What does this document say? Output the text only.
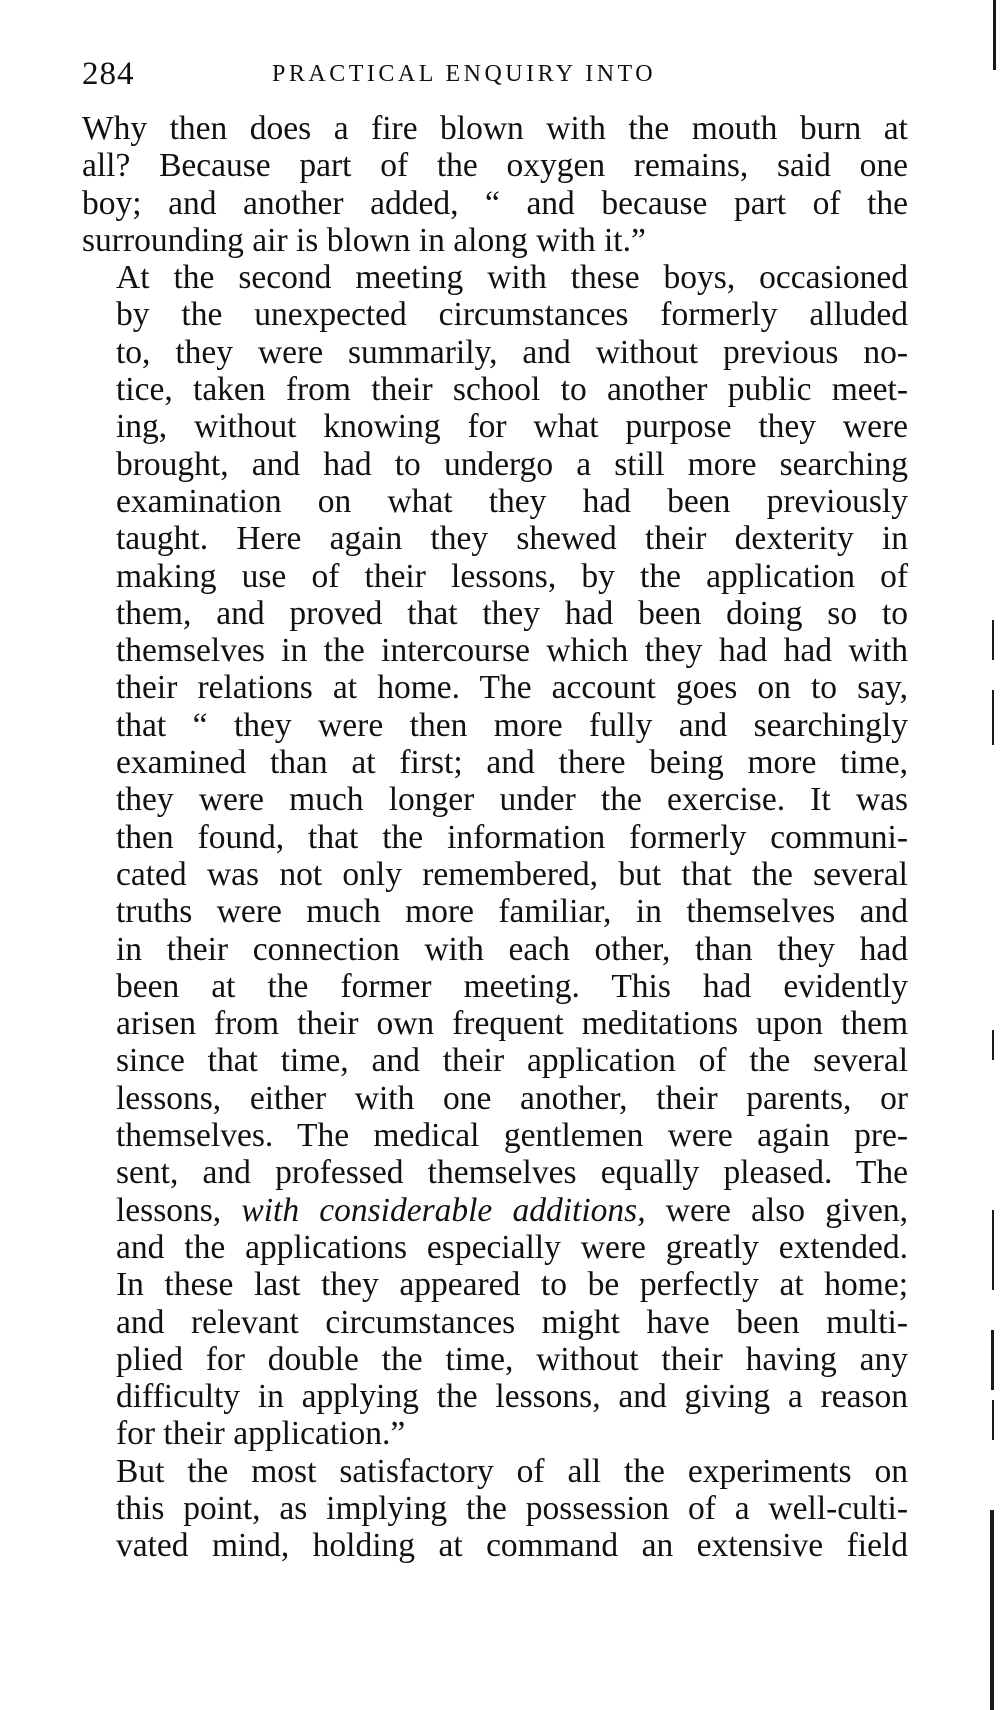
284	PRACTICAL ENQUIRY INTO

Why then does a fire blown with the mouth burn at
all? Because part of the oxygen remains, said one
boy; and another added, “ and because part of the
surrounding air is blown in along with it.”

At the second meeting with these boys, occasioned
by the unexpected circumstances formerly alluded
to, they were summarily, and without previous no-
tice, taken from their school to another public meet-
ing, without knowing for what purpose they were
brought, and had to undergo a still more searching
examination on what they had been previously
taught. Here again they shewed their dexterity in
making use of their lessons, by the application of
them, and proved that they had been doing so to
themselves in the intercourse which they had had with
their relations at home. The account goes on to say,
that “ they were then more fully and searchingly
examined than at first; and there being more time,
they were much longer under the exercise. It was
then found, that the information formerly communi-
cated was not only remembered, but that the several
truths were much more familiar, in themselves and
in their connection with each other, than they had
been at the former meeting. This had evidently
arisen from their own frequent meditations upon them
since that time, and their application of the several
lessons, either with one another, their parents, or
themselves. The medical gentlemen were again pre-
sent, and professed themselves equally pleased. The
lessons, with considerable additions, were also given,
and the applications especially were greatly extended.
In these last they appeared to be perfectly at home;
and relevant circumstances might have been multi-
plied for double the time, without their having any
difficulty in applying the lessons, and giving a reason
for their application.”

But the most satisfactory of all the experiments on
this point, as implying the possession of a well-culti-
vated mind, holding at command an extensive field
